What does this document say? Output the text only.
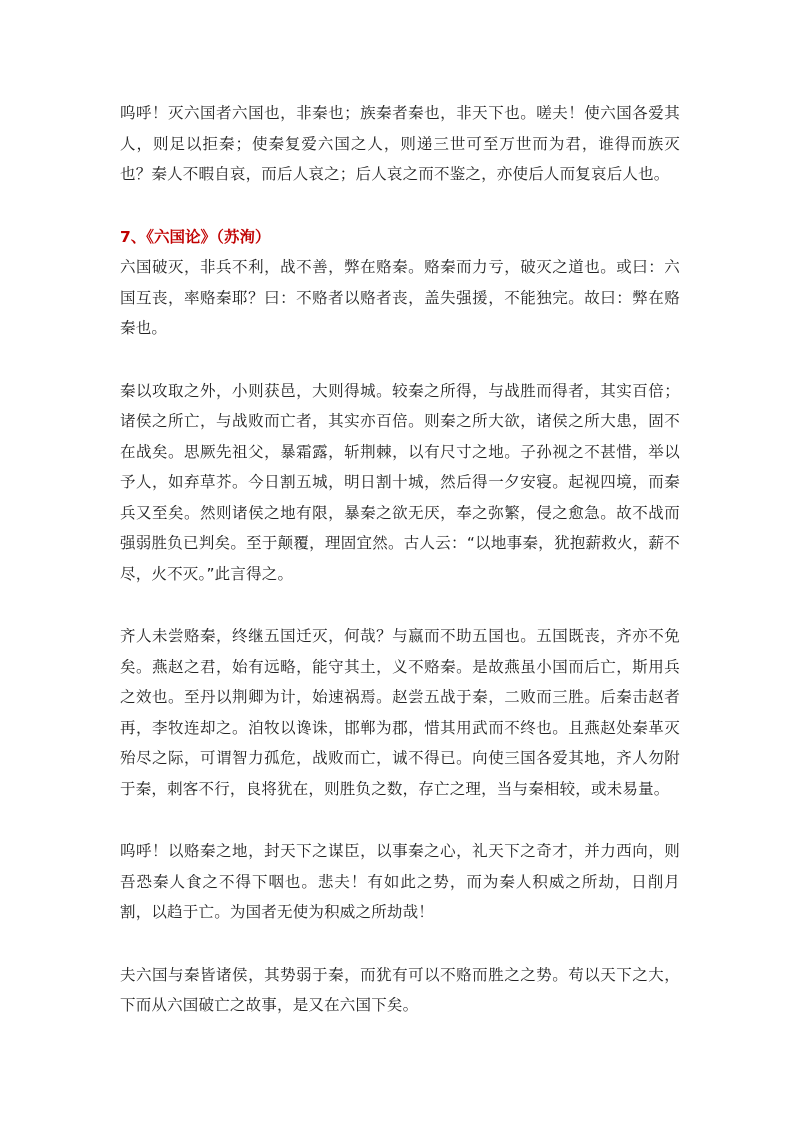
呜呼！灭六国者六国也，非秦也；族秦者秦也，非天下也。嗟夫！使六国各爱其人，则足以拒秦；使秦复爱六国之人，则递三世可至万世而为君，谁得而族灭也？秦人不暇自哀，而后人哀之；后人哀之而不鉴之，亦使后人而复哀后人也。

7、《六国论》（苏洵）

六国破灭，非兵不利，战不善，弊在赂秦。赂秦而力亏，破灭之道也。或曰：六国互丧，率赂秦耶？曰：不赂者以赂者丧，盖失强援，不能独完。故曰：弊在赂秦也。

秦以攻取之外，小则获邑，大则得城。较秦之所得，与战胜而得者，其实百倍；诸侯之所亡，与战败而亡者，其实亦百倍。则秦之所大欲，诸侯之所大患，固不在战矣。思厥先祖父，暴霜露，斩荆棘，以有尺寸之地。子孙视之不甚惜，举以予人，如弃草芥。今日割五城，明日割十城，然后得一夕安寝。起视四境，而秦兵又至矣。然则诸侯之地有限，暴秦之欲无厌，奉之弥繁，侵之愈急。故不战而强弱胜负已判矣。至于颠覆，理固宜然。古人云：“以地事秦，犹抱薪救火，薪不尽，火不灭。”此言得之。

齐人未尝赂秦，终继五国迁灭，何哉？与嬴而不助五国也。五国既丧，齐亦不免矣。燕赵之君，始有远略，能守其土，义不赂秦。是故燕虽小国而后亡，斯用兵之效也。至丹以荆卿为计，始速祸焉。赵尝五战于秦，二败而三胜。后秦击赵者再，李牧连却之。洎牧以谗诛，邯郸为郡，惜其用武而不终也。且燕赵处秦革灭殆尽之际，可谓智力孤危，战败而亡，诚不得已。向使三国各爱其地，齐人勿附于秦，刺客不行，良将犹在，则胜负之数，存亡之理，当与秦相较，或未易量。

呜呼！以赂秦之地，封天下之谋臣，以事秦之心，礼天下之奇才，并力西向，则吾恐秦人食之不得下咽也。悲夫！有如此之势，而为秦人积威之所劫，日削月割，以趋于亡。为国者无使为积威之所劫哉！

夫六国与秦皆诸侯，其势弱于秦，而犹有可以不赂而胜之之势。苟以天下之大，下而从六国破亡之故事，是又在六国下矣。
